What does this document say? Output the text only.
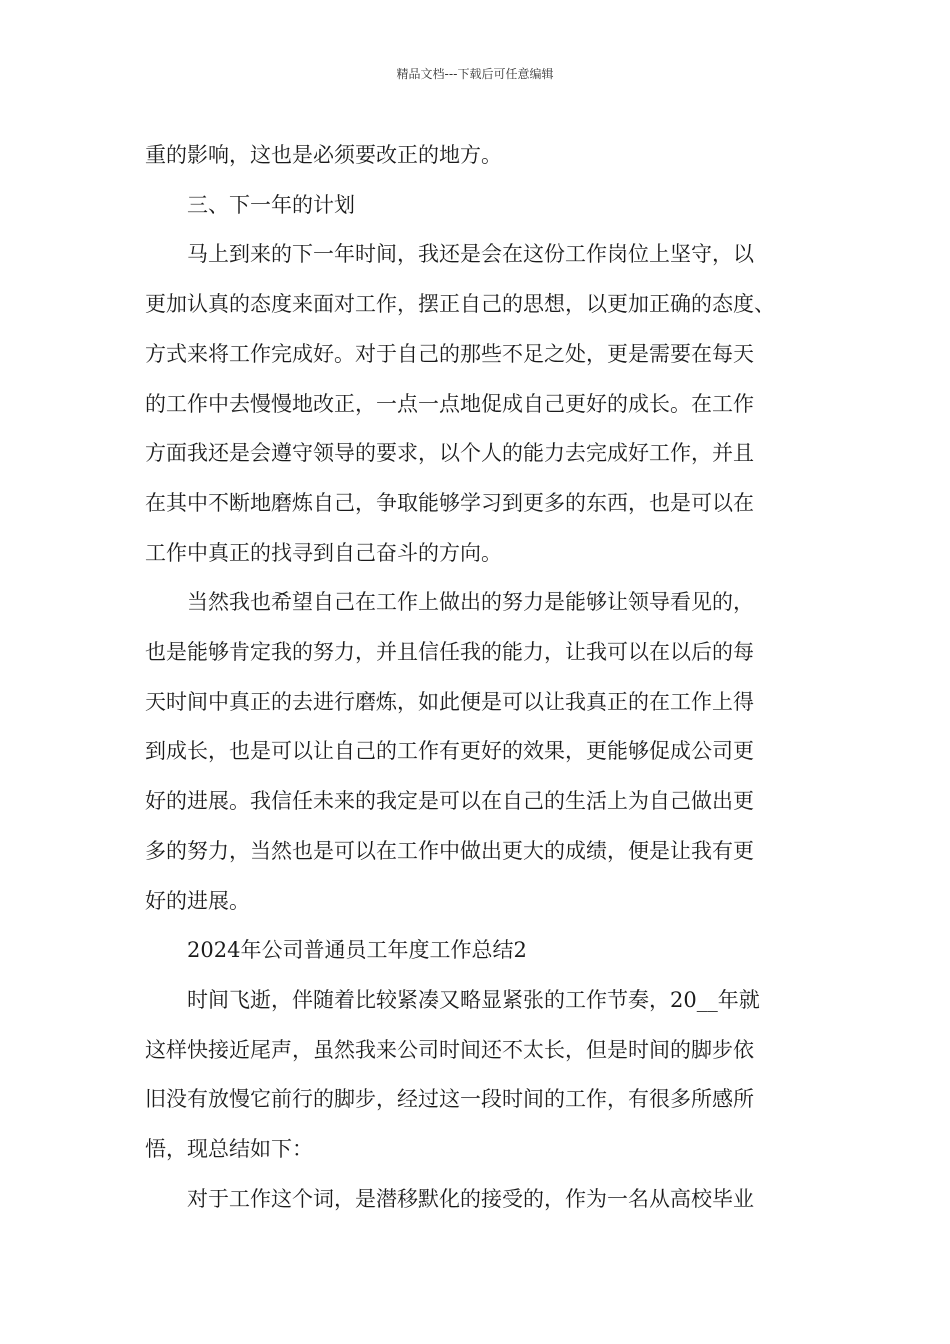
精品文档---下载后可任意编辑

重的影响，这也是必须要改正的地方。

三、下一年的计划

马上到来的下一年时间，我还是会在这份工作岗位上坚守，以
更加认真的态度来面对工作，摆正自己的思想，以更加正确的态度、
方式来将工作完成好。对于自己的那些不足之处，更是需要在每天
的工作中去慢慢地改正，一点一点地促成自己更好的成长。在工作
方面我还是会遵守领导的要求，以个人的能力去完成好工作，并且
在其中不断地磨炼自己，争取能够学习到更多的东西，也是可以在
工作中真正的找寻到自己奋斗的方向。

当然我也希望自己在工作上做出的努力是能够让领导看见的，
也是能够肯定我的努力，并且信任我的能力，让我可以在以后的每
天时间中真正的去进行磨炼，如此便是可以让我真正的在工作上得
到成长，也是可以让自己的工作有更好的效果，更能够促成公司更
好的进展。我信任未来的我定是可以在自己的生活上为自己做出更
多的努力，当然也是可以在工作中做出更大的成绩，便是让我有更
好的进展。

2024年公司普通员工年度工作总结2

时间飞逝，伴随着比较紧凑又略显紧张的工作节奏，20__年就
这样快接近尾声，虽然我来公司时间还不太长，但是时间的脚步依
旧没有放慢它前行的脚步，经过这一段时间的工作，有很多所感所
悟，现总结如下：

对于工作这个词，是潜移默化的接受的，作为一名从高校毕业
